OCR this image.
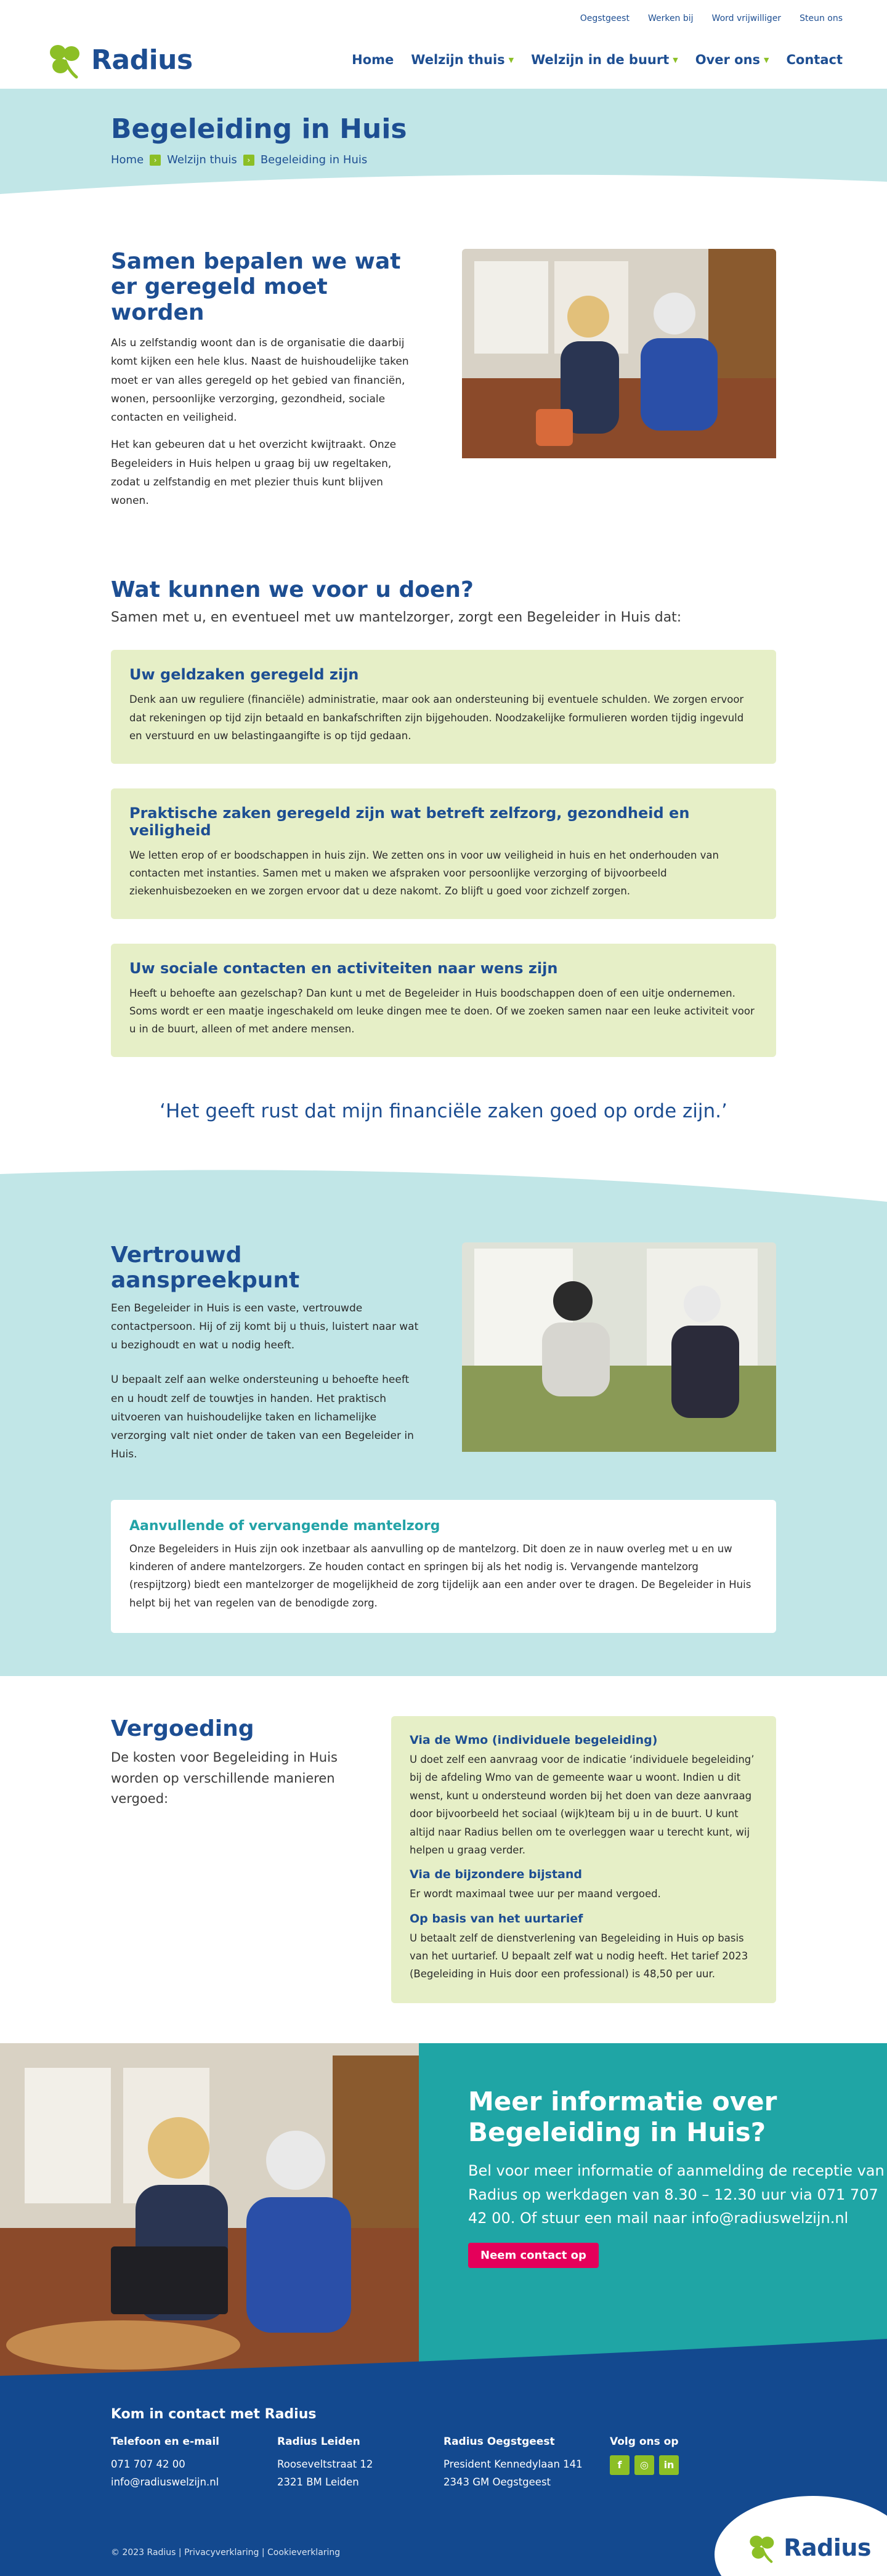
Oegstgeest Werken bij Word vrijwilliger Steun ons
Radius	Home Welzijn thuis ▼ Welzijn in de buurt ▼ Over ons ▼ Contact
Begeleiding in Huis
Home	› Welzijn thuis	› Begeleiding in Huis
Samen bepalen we wat er geregeld moet worden

Als u zelfstandig woont dan is de organisatie die daarbij komt kijken een hele klus. Naast de huishoudelijke taken moet er van alles geregeld op het gebied van financiën, wonen, persoonlijke verzorging, gezondheid, sociale contacten en veiligheid.

Het kan gebeuren dat u het overzicht kwijtraakt. Onze Begeleiders in Huis helpen u graag bij uw regeltaken, zodat u zelfstandig en met plezier thuis kunt blijven wonen.

Wat kunnen we voor u doen?

Samen met u, en eventueel met uw mantelzorger, zorgt een Begeleider in Huis dat:

Uw geldzaken geregeld zijn

Denk aan uw reguliere (financiële) administratie, maar ook aan ondersteuning bij eventuele schulden. We zorgen ervoor dat rekeningen op tijd zijn betaald en bankafschriften zijn bijgehouden. Noodzakelijke formulieren worden tijdig ingevuld en verstuurd en uw belastingaangifte is op tijd gedaan.

Praktische zaken geregeld zijn wat betreft zelfzorg, gezondheid en veiligheid

We letten erop of er boodschappen in huis zijn. We zetten ons in voor uw veiligheid in huis en het onderhouden van contacten met instanties. Samen met u maken we afspraken voor persoonlijke verzorging of bijvoorbeeld ziekenhuisbezoeken en we zorgen ervoor dat u deze nakomt. Zo blijft u goed voor zichzelf zorgen.

Uw sociale contacten en activiteiten naar wens zijn

Heeft u behoefte aan gezelschap? Dan kunt u met de Begeleider in Huis boodschappen doen of een uitje ondernemen. Soms wordt er een maatje ingeschakeld om leuke dingen mee te doen. Of we zoeken samen naar een leuke activiteit voor u in de buurt, alleen of met andere mensen.

‘Het geeft rust dat mijn financiële zaken goed op orde zijn.’

Vertrouwd aanspreekpunt

Een Begeleider in Huis is een vaste, vertrouwde contactpersoon. Hij of zij komt bij u thuis, luistert naar wat u bezighoudt en wat u nodig heeft.

U bepaalt zelf aan welke ondersteuning u behoefte heeft en u houdt zelf de touwtjes in handen. Het praktisch uitvoeren van huishoudelijke taken en lichamelijke verzorging valt niet onder de taken van een Begeleider in Huis.

Aanvullende of vervangende mantelzorg

Onze Begeleiders in Huis zijn ook inzetbaar als aanvulling op de mantelzorg. Dit doen ze in nauw overleg met u en uw kinderen of andere mantelzorgers. Ze houden contact en springen bij als het nodig is. Vervangende mantelzorg (respijtzorg) biedt een mantelzorger de mogelijkheid de zorg tijdelijk aan een ander over te dragen. De Begeleider in Huis helpt bij het van regelen van de benodigde zorg.

Vergoeding

De kosten voor Begeleiding in Huis worden op verschillende manieren vergoed:

Via de Wmo (individuele begeleiding)

U doet zelf een aanvraag voor de indicatie ‘individuele begeleiding’ bij de afdeling Wmo van de gemeente waar u woont. Indien u dit wenst, kunt u ondersteund worden bij het doen van deze aanvraag door bijvoorbeeld het sociaal (wijk)team bij u in de buurt. U kunt altijd naar Radius bellen om te overleggen waar u terecht kunt, wij helpen u graag verder.

Via de bijzondere bijstand

Er wordt maximaal twee uur per maand vergoed.

Op basis van het uurtarief

U betaalt zelf de dienstverlening van Begeleiding in Huis op basis van het uurtarief. U bepaalt zelf wat u nodig heeft. Het tarief 2023 (Begeleiding in Huis door een professional) is 48,50 per uur.

Meer informatie over Begeleiding in Huis?

Bel voor meer informatie of aanmelding de receptie van Radius op werkdagen van 8.30 – 12.30 uur via 071 707 42 00. Of stuur een mail naar info@radiuswelzijn.nl

Neem contact op
Kom in contact met Radius
Telefoon en e-mail

071 707 42 00

info@radiuswelzijn.nl

Radius Leiden

Rooseveltstraat 12

2321 BM Leiden

Radius Oegstgeest

President Kennedylaan 141

2343 GM Oegstgeest

Volg ons op
f	◎	in
© 2023 Radius | Privacyverklaring | Cookieverklaring	Radius
